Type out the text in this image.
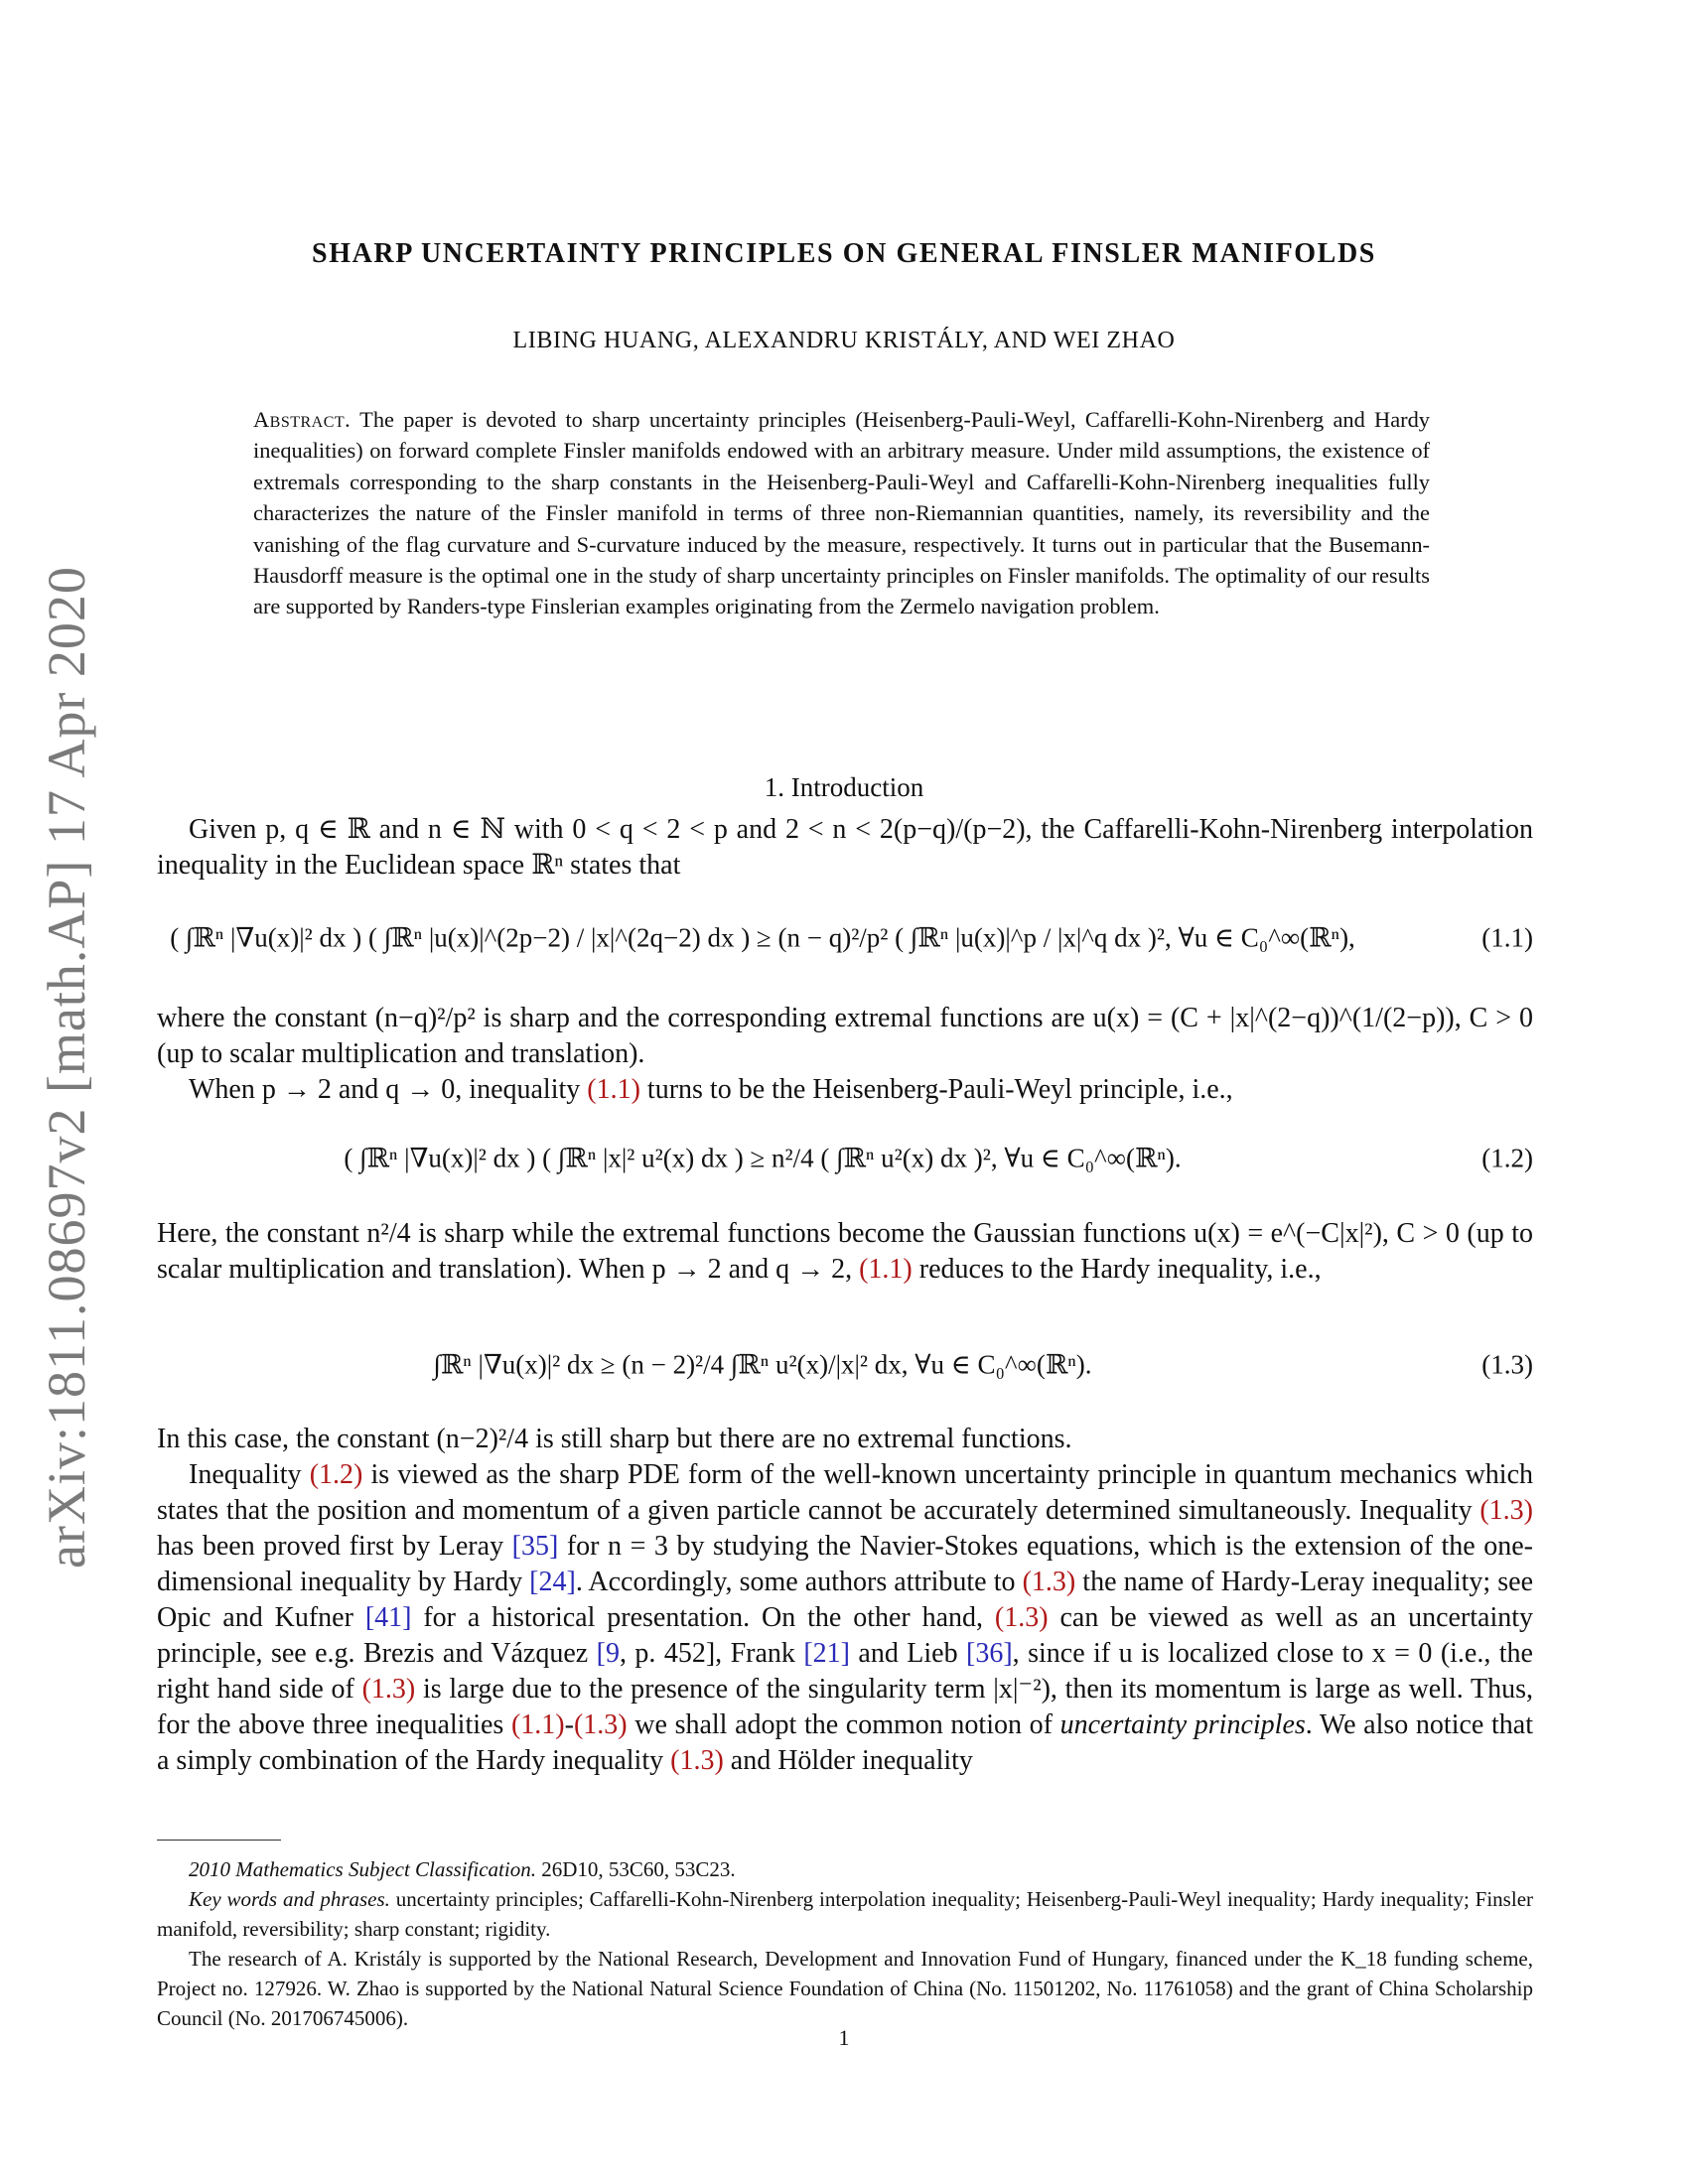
arXiv:1811.08697v2 [math.AP] 17 Apr 2020
SHARP UNCERTAINTY PRINCIPLES ON GENERAL FINSLER MANIFOLDS
LIBING HUANG, ALEXANDRU KRISTÁLY, AND WEI ZHAO
Abstract. The paper is devoted to sharp uncertainty principles (Heisenberg-Pauli-Weyl, Caffarelli-Kohn-Nirenberg and Hardy inequalities) on forward complete Finsler manifolds endowed with an arbitrary measure. Under mild assumptions, the existence of extremals corresponding to the sharp constants in the Heisenberg-Pauli-Weyl and Caffarelli-Kohn-Nirenberg inequalities fully characterizes the nature of the Finsler manifold in terms of three non-Riemannian quantities, namely, its reversibility and the vanishing of the flag curvature and S-curvature induced by the measure, respectively. It turns out in particular that the Busemann-Hausdorff measure is the optimal one in the study of sharp uncertainty principles on Finsler manifolds. The optimality of our results are supported by Randers-type Finslerian examples originating from the Zermelo navigation problem.
1. Introduction
Given p, q ∈ ℝ and n ∈ ℕ with 0 < q < 2 < p and 2 < n < 2(p−q)/(p−2), the Caffarelli-Kohn-Nirenberg interpolation inequality in the Euclidean space ℝⁿ states that
( ∫ℝⁿ |∇u(x)|² dx ) ( ∫ℝⁿ |u(x)|^(2p−2) / |x|^(2q−2) dx ) ≥ (n − q)²/p² ( ∫ℝⁿ |u(x)|^p / |x|^q dx )², ∀u ∈ C₀^∞(ℝⁿ),	(1.1)
where the constant (n−q)²/p² is sharp and the corresponding extremal functions are u(x) = (C + |x|^(2−q))^(1/(2−p)), C > 0 (up to scalar multiplication and translation).
When p → 2 and q → 0, inequality (1.1) turns to be the Heisenberg-Pauli-Weyl principle, i.e.,
( ∫ℝⁿ |∇u(x)|² dx ) ( ∫ℝⁿ |x|² u²(x) dx ) ≥ n²/4 ( ∫ℝⁿ u²(x) dx )², ∀u ∈ C₀^∞(ℝⁿ).	(1.2)
Here, the constant n²/4 is sharp while the extremal functions become the Gaussian functions u(x) = e^(−C|x|²), C > 0 (up to scalar multiplication and translation). When p → 2 and q → 2, (1.1) reduces to the Hardy inequality, i.e.,
∫ℝⁿ |∇u(x)|² dx ≥ (n − 2)²/4 ∫ℝⁿ u²(x)/|x|² dx, ∀u ∈ C₀^∞(ℝⁿ).	(1.3)
In this case, the constant (n−2)²/4 is still sharp but there are no extremal functions.
Inequality (1.2) is viewed as the sharp PDE form of the well-known uncertainty principle in quantum mechanics which states that the position and momentum of a given particle cannot be accurately determined simultaneously. Inequality (1.3) has been proved first by Leray [35] for n = 3 by studying the Navier-Stokes equations, which is the extension of the one-dimensional inequality by Hardy [24]. Accordingly, some authors attribute to (1.3) the name of Hardy-Leray inequality; see Opic and Kufner [41] for a historical presentation. On the other hand, (1.3) can be viewed as well as an uncertainty principle, see e.g. Brezis and Vázquez [9, p. 452], Frank [21] and Lieb [36], since if u is localized close to x = 0 (i.e., the right hand side of (1.3) is large due to the presence of the singularity term |x|⁻²), then its momentum is large as well. Thus, for the above three inequalities (1.1)-(1.3) we shall adopt the common notion of uncertainty principles. We also notice that a simply combination of the Hardy inequality (1.3) and Hölder inequality

2010 Mathematics Subject Classification. 26D10, 53C60, 53C23.

Key words and phrases. uncertainty principles; Caffarelli-Kohn-Nirenberg interpolation inequality; Heisenberg-Pauli-Weyl inequality; Hardy inequality; Finsler manifold, reversibility; sharp constant; rigidity.

The research of A. Kristály is supported by the National Research, Development and Innovation Fund of Hungary, financed under the K_18 funding scheme, Project no. 127926. W. Zhao is supported by the National Natural Science Foundation of China (No. 11501202, No. 11761058) and the grant of China Scholarship Council (No. 201706745006).

1
